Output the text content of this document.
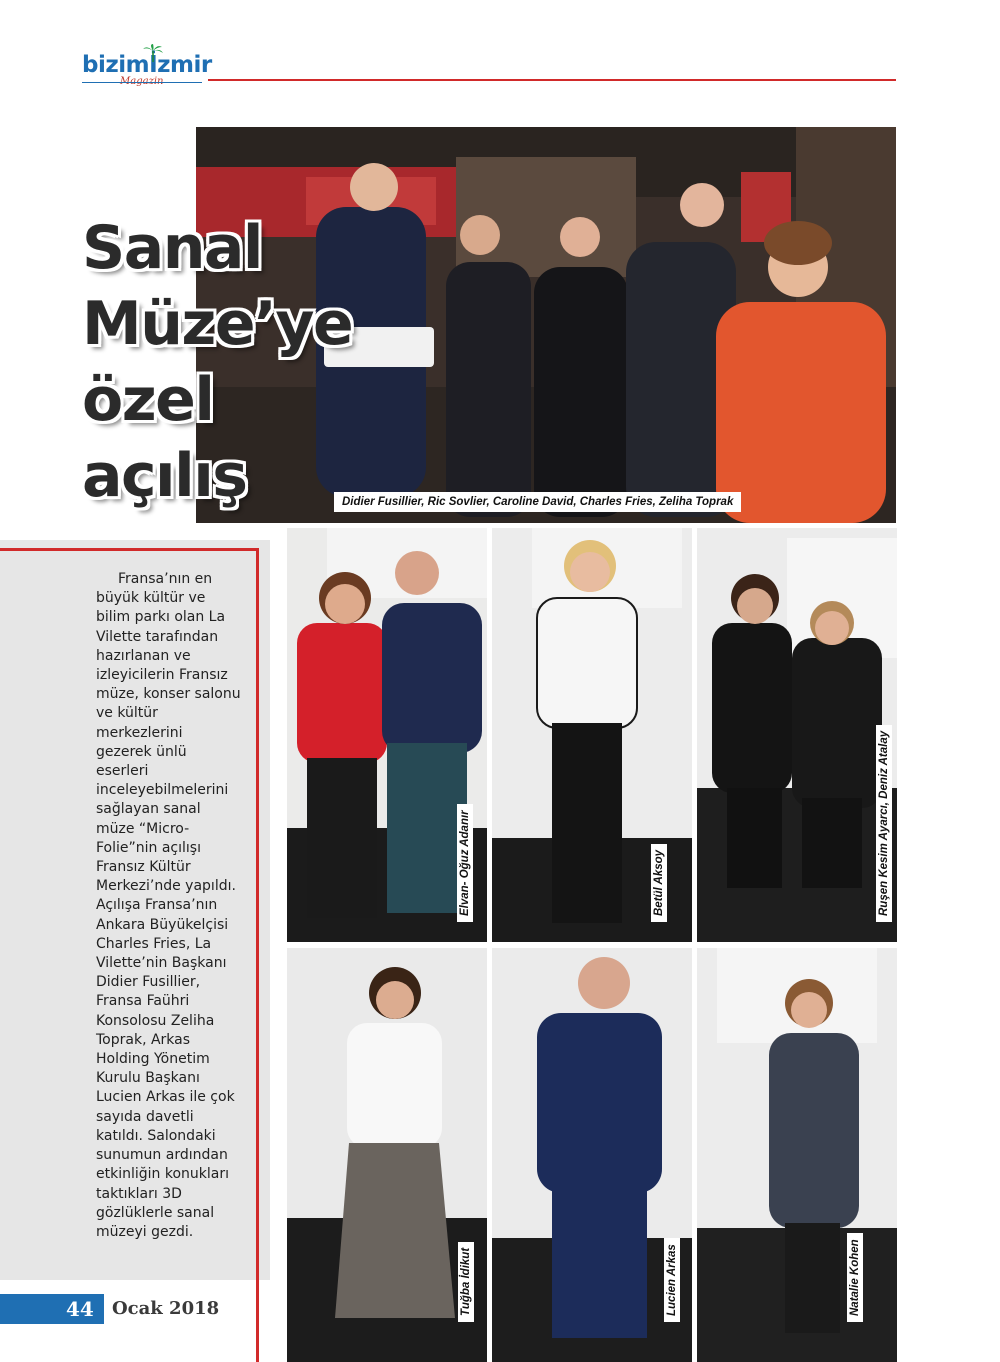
bizimİzmir
Sanal
Müze’ye
özel
açılış	Didier Fusillier, Ric Sovlier, Caroline David, Charles Fries, Zeliha Toprak

Fransa’nın en büyük kültür ve bilim parkı olan La Vilette tarafından hazırlanan ve izleyicilerin Fransız müze, konser salonu ve kültür merkezlerini gezerek ünlü eserleri inceleyebilmelerini sağlayan sanal müze “Micro-Folie”nin açılışı Fransız Kültür Merkezi’nde yapıldı. Açılışa Fransa’nın Ankara Büyükelçisi Charles Fries, La Vilette’nin Başkanı Didier Fusillier, Fransa Faühri Konsolosu Zeliha Toprak, Arkas Holding Yönetim Kurulu Başkanı Lucien Arkas ile çok sayıda davetli katıldı. Salondaki sunumun ardından etkinliğin konukları taktıkları 3D gözlüklerle sanal müzeyi gezdi.

Elvan- Oğuz Adanır	Betül Aksoy	Ruşen Kesim Ayarcı, Deniz Atalay
Tuğba İdikut	Lucien Arkas	Natalie Kohen
44 Ocak 2018
